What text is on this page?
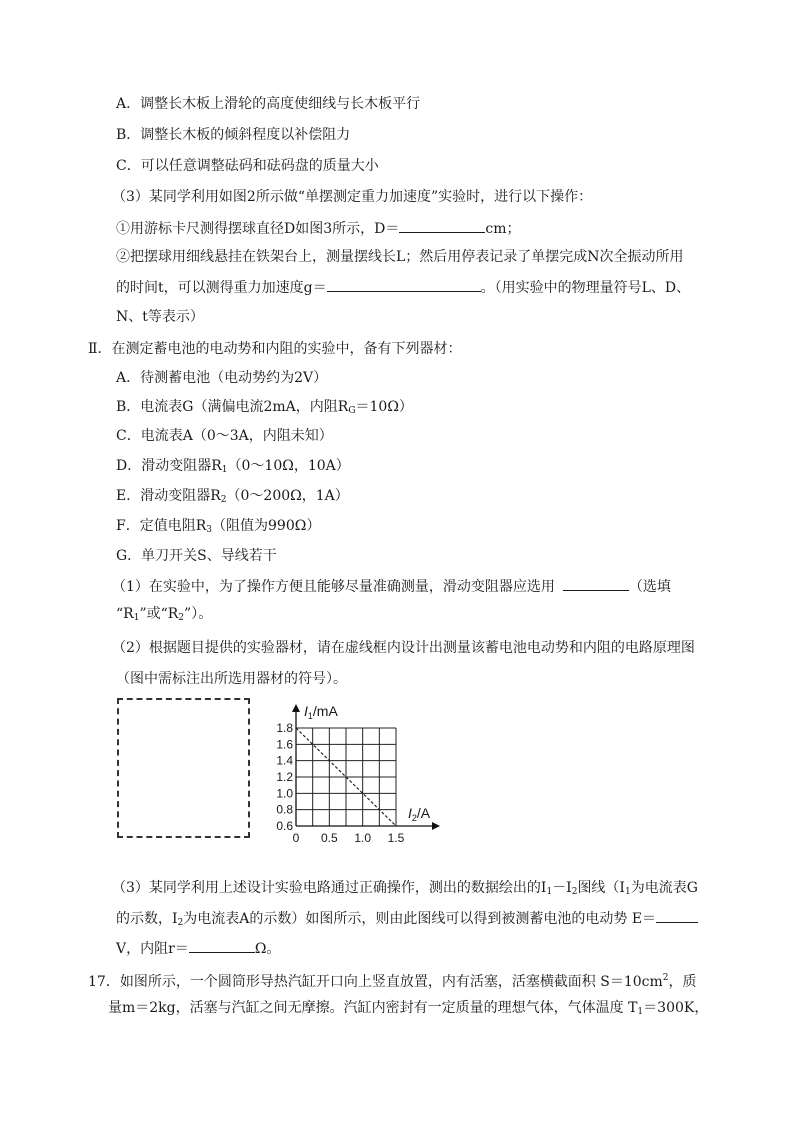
A．调整长木板上滑轮的高度使细线与长木板平行
B．调整长木板的倾斜程度以补偿阻力
C．可以任意调整砝码和砝码盘的质量大小
（3）某同学利用如图2所示做“单摆测定重力加速度”实验时，进行以下操作：
①用游标卡尺测得摆球直径D如图3所示，D＝	cm；
②把摆球用细线悬挂在铁架台上，测量摆线长L；然后用停表记录了单摆完成N次全振动所用
的时间t，可以测得重力加速度g＝	。（用实验中的物理量符号L、D、
N、t等表示）
Ⅱ．在测定蓄电池的电动势和内阻的实验中，备有下列器材：
A．待测蓄电池（电动势约为2V）
B．电流表G（满偏电流2mA，内阻$R_G=10\Omega$）
C．电流表A（0～3A，内阻未知）
D．滑动变阻器$R_1(0\sim 10\Omega$，10A）
E．滑动变阻器$R_2(0\sim 200\Omega$，1A）
F．定值电阻$R_3$（阻值为990Ω）
G．单刀开关S、导线若干
（1）在实验中，为了操作方便且能够尽量准确测量，滑动变阻器应选用	（选填
“$R_1$”或“$R_2$”）。
（2）根据题目提供的实验器材，请在虚线框内设计出测量该蓄电池电动势和内阻的电路原理图
（图中需标注出所选用器材的符号）。
1.8
1.6
1.4
1.2
1.0
0.8
0.6
0 0.5 1.0 1.5
$I_1/mA$
$I_2/A$
（3）某同学利用上述设计实验电路通过正确操作，测出的数据绘出的$I_1-I_2$图线（$I_1$为电流表G
的示数，$I_2$为电流表A的示数）如图所示，则由此图线可以得到被测蓄电池的电动势 E＝
V，内阻r＝	Ω。
17．如图所示，一个圆筒形导热汽缸开口向上竖直放置，内有活塞，活塞横截面积 $S=10cm^2$，质
量m＝2kg，活塞与汽缸之间无摩擦。汽缸内密封有一定质量的理想气体，气体温度 $T_1=300K$，
